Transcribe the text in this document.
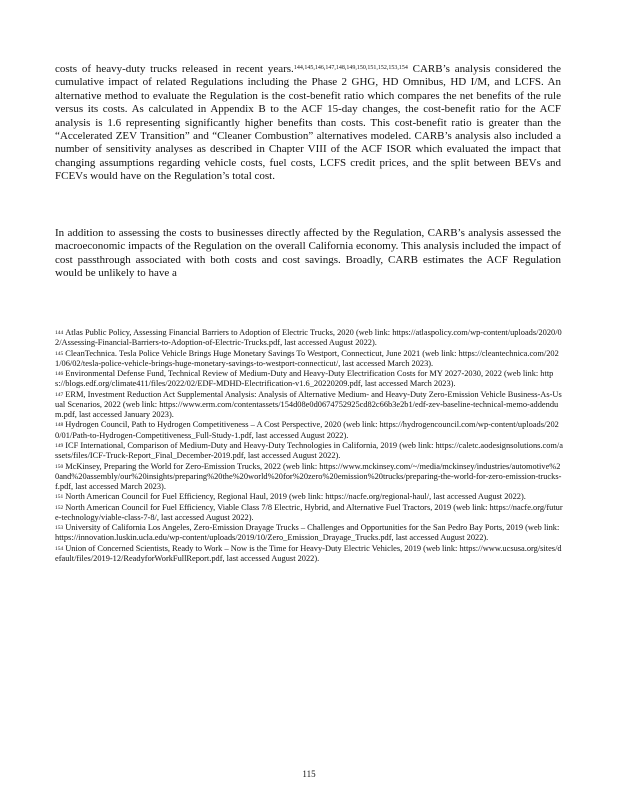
costs of heavy-duty trucks released in recent years.$^{144,145,146,147,148,149,150,151,152,153,154}$ CARB’s analysis considered the cumulative impact of related Regulations including the Phase 2 GHG, HD Omnibus, HD I/M, and LCFS. An alternative method to evaluate the Regulation is the cost-benefit ratio which compares the net benefits of the rule versus its costs. As calculated in Appendix B to the ACF 15-day changes, the cost-benefit ratio for the ACF analysis is 1.6 representing significantly higher benefits than costs. This cost-benefit ratio is greater than the “Accelerated ZEV Transition” and “Cleaner Combustion” alternatives modeled. CARB’s analysis also included a number of sensitivity analyses as described in Chapter VIII of the ACF ISOR which evaluated the impact that changing assumptions regarding vehicle costs, fuel costs, LCFS credit prices, and the split between BEVs and FCEVs would have on the Regulation’s total cost.

In addition to assessing the costs to businesses directly affected by the Regulation, CARB’s analysis assessed the macroeconomic impacts of the Regulation on the overall California economy. This analysis included the impact of cost passthrough associated with both costs and cost savings. Broadly, CARB estimates the ACF Regulation would be unlikely to have a

$^{144}$ Atlas Public Policy, Assessing Financial Barriers to Adoption of Electric Trucks, 2020 (web link: https://atlaspolicy.com/wp-content/uploads/2020/02/Assessing-Financial-Barriers-to-Adoption-of-Electric-Trucks.pdf, last accessed August 2022).
$^{145}$ CleanTechnica. Tesla Police Vehicle Brings Huge Monetary Savings To Westport, Connecticut, June 2021 (web link: https://cleantechnica.com/2021/06/02/tesla-police-vehicle-brings-huge-monetary-savings-to-westport-connecticut/, last accessed March 2023).
$^{146}$ Environmental Defense Fund, Technical Review of Medium-Duty and Heavy-Duty Electrification Costs for MY 2027-2030, 2022 (web link: https://blogs.edf.org/climate411/files/2022/02/EDF-MDHD-Electrification-v1.6_20220209.pdf, last accessed March 2023).
$^{147}$ ERM, Investment Reduction Act Supplemental Analysis: Analysis of Alternative Medium- and Heavy-Duty Zero-Emission Vehicle Business-As-Usual Scenarios, 2022 (web link: https://www.erm.com/contentassets/154d08e0d0674752925cd82c66b3e2b1/edf-zev-baseline-technical-memo-addendum.pdf, last accessed January 2023).
$^{148}$ Hydrogen Council, Path to Hydrogen Competitiveness – A Cost Perspective, 2020 (web link: https://hydrogencouncil.com/wp-content/uploads/2020/01/Path-to-Hydrogen-Competitiveness_Full-Study-1.pdf, last accessed August 2022).
$^{149}$ ICF International, Comparison of Medium-Duty and Heavy-Duty Technologies in California, 2019 (web link: https://caletc.aodesignsolutions.com/assets/files/ICF-Truck-Report_Final_December-2019.pdf, last accessed August 2022).
$^{150}$ McKinsey, Preparing the World for Zero-Emission Trucks, 2022 (web link: https://www.mckinsey.com/~/media/mckinsey/industries/automotive%20and%20assembly/our%20insights/preparing%20the%20world%20for%20zero%20emission%20trucks/preparing-the-world-for-zero-emission-trucks-f.pdf, last accessed March 2023).
$^{151}$ North American Council for Fuel Efficiency, Regional Haul, 2019 (web link: https://nacfe.org/regional-haul/, last accessed August 2022).
$^{152}$ North American Council for Fuel Efficiency, Viable Class 7/8 Electric, Hybrid, and Alternative Fuel Tractors, 2019 (web link: https://nacfe.org/future-technology/viable-class-7-8/, last accessed August 2022).
$^{153}$ University of California Los Angeles, Zero-Emission Drayage Trucks – Challenges and Opportunities for the San Pedro Bay Ports, 2019 (web link: https://innovation.luskin.ucla.edu/wp-content/uploads/2019/10/Zero_Emission_Drayage_Trucks.pdf, last accessed August 2022).
$^{154}$ Union of Concerned Scientists, Ready to Work – Now is the Time for Heavy-Duty Electric Vehicles, 2019 (web link: https://www.ucsusa.org/sites/default/files/2019-12/ReadyforWorkFullReport.pdf, last accessed August 2022).
115
